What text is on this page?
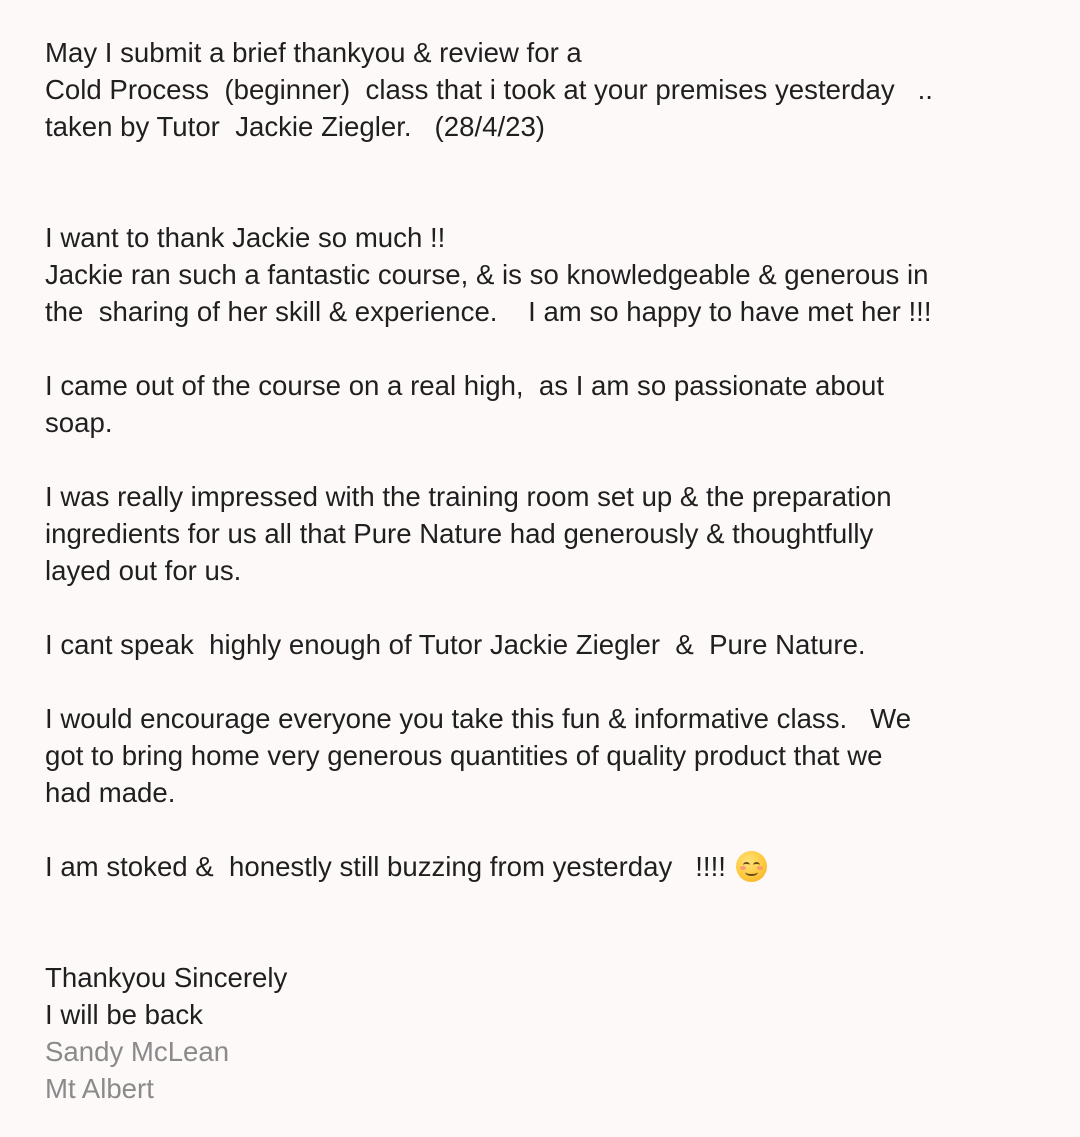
May I submit a brief thankyou & review for a
Cold Process  (beginner)  class that i took at your premises yesterday   ..
taken by Tutor  Jackie Ziegler.   (28/4/23)
I want to thank Jackie so much !!
Jackie ran such a fantastic course, & is so knowledgeable & generous in
the  sharing of her skill & experience.    I am so happy to have met her !!!
I came out of the course on a real high,  as I am so passionate about
soap.
I was really impressed with the training room set up & the preparation
ingredients for us all that Pure Nature had generously & thoughtfully
layed out for us.
I cant speak  highly enough of Tutor Jackie Ziegler  &  Pure Nature.
I would encourage everyone you take this fun & informative class.   We
got to bring home very generous quantities of quality product that we
had made.
I am stoked &  honestly still buzzing from yesterday   !!!!
Thankyou Sincerely
I will be back
Sandy McLean
Mt Albert
